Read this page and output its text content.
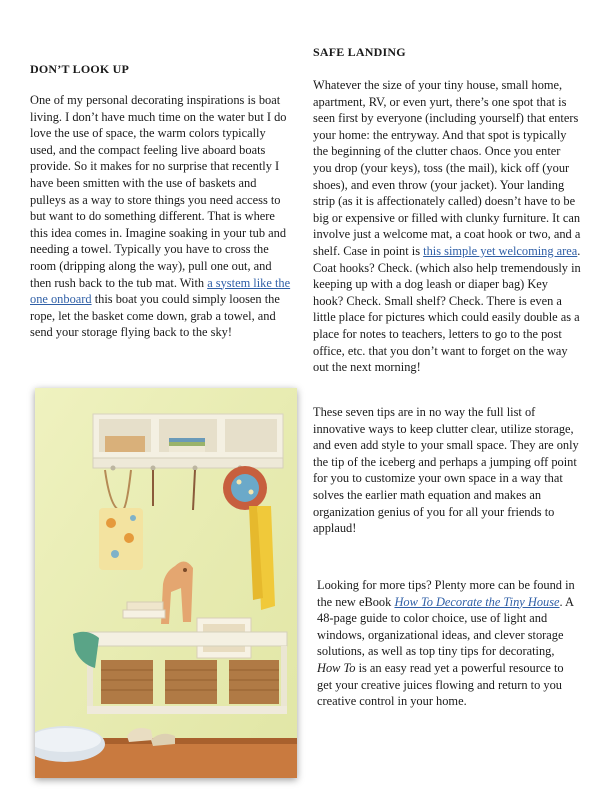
DON’T LOOK UP

One of my personal decorating inspirations is boat living. I don’t have much time on the water but I do love the use of space, the warm colors typically used, and the compact feeling live aboard boats provide. So it makes for no surprise that recently I have been smitten with the use of baskets and pulleys as a way to store things you need access to but want to do something different. That is where this idea comes in. Imagine soaking in your tub and needing a towel. Typically you have to cross the room (dripping along the way), pull one out, and then rush back to the tub mat. With a system like the one onboard this boat you could simply loosen the rope, let the basket come down, grab a towel, and send your storage flying back to the sky!

SAFE LANDING

Whatever the size of your tiny house, small home, apartment, RV, or even yurt, there’s one spot that is seen first by everyone (including yourself) that enters your home: the entryway. And that spot is typically the beginning of the clutter chaos. Once you enter you drop (your keys), toss (the mail), kick off (your shoes), and even throw (your jacket). Your landing strip (as it is affectionately called) doesn’t have to be big or expensive or filled with clunky furniture. It can involve just a welcome mat, a coat hook or two, and a shelf. Case in point is this simple yet welcoming area. Coat hooks? Check. (which also help tremendously in keeping up with a dog leash or diaper bag) Key hook? Check. Small shelf? Check. There is even a little place for pictures which could easily double as a place for notes to teachers, letters to go to the post office, etc. that you don’t want to forget on the way out the next morning!

These seven tips are in no way the full list of innovative ways to keep clutter clear, utilize storage, and even add style to your small space. They are only the tip of the iceberg and perhaps a jumping off point for you to customize your own space in a way that solves the earlier math equation and makes an organization genius of you for all your friends to applaud!

Looking for more tips? Plenty more can be found in the new eBook How To Decorate the Tiny House. A 48-page guide to color choice, use of light and windows, organizational ideas, and clever storage solutions, as well as top tiny tips for decorating, How To is an easy read yet a powerful resource to get your creative juices flowing and return to you creative control in your home.
